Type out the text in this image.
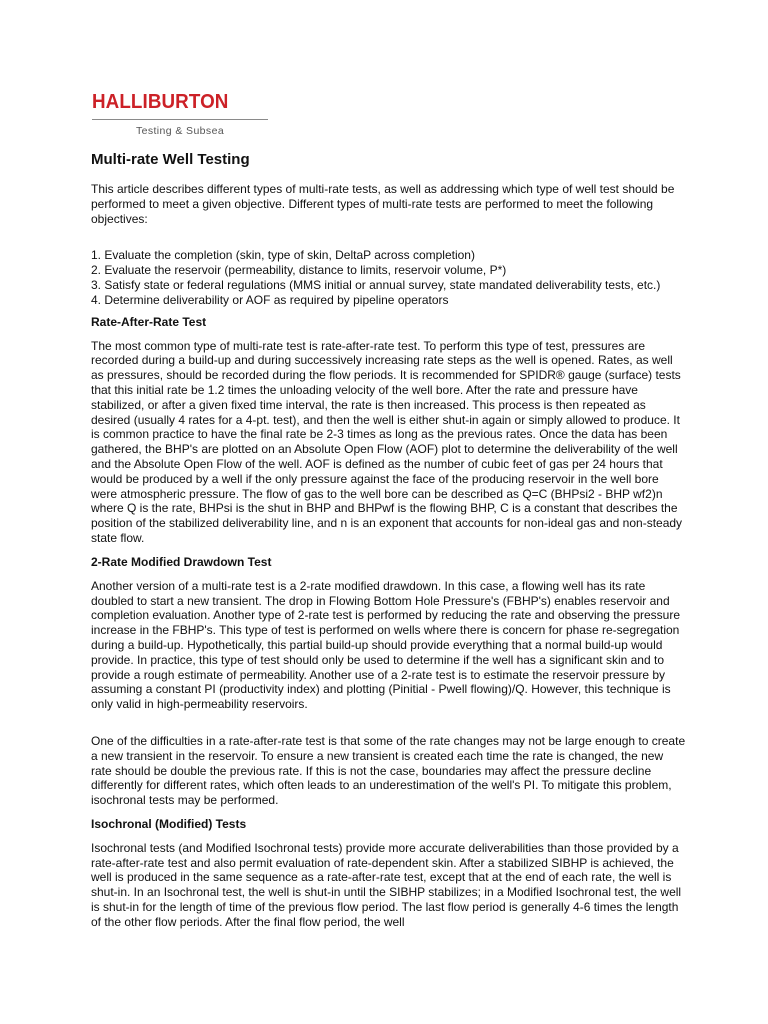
HALLIBURTON
Testing & Subsea
Multi-rate Well Testing

This article describes different types of multi-rate tests, as well as addressing which type of well test should be performed to meet a given objective. Different types of multi-rate tests are performed to meet the following objectives:

1. Evaluate the completion (skin, type of skin, DeltaP across completion)
2. Evaluate the reservoir (permeability, distance to limits, reservoir volume, P*)
3. Satisfy state or federal regulations (MMS initial or annual survey, state mandated deliverability tests, etc.)
4. Determine deliverability or AOF as required by pipeline operators
Rate-After-Rate Test

The most common type of multi-rate test is rate-after-rate test. To perform this type of test, pressures are recorded during a build-up and during successively increasing rate steps as the well is opened. Rates, as well as pressures, should be recorded during the flow periods. It is recommended for SPIDR® gauge (surface) tests that this initial rate be 1.2 times the unloading velocity of the well bore. After the rate and pressure have stabilized, or after a given fixed time interval, the rate is then increased. This process is then repeated as desired (usually 4 rates for a 4-pt. test), and then the well is either shut-in again or simply allowed to produce. It is common practice to have the final rate be 2-3 times as long as the previous rates. Once the data has been gathered, the BHP's are plotted on an Absolute Open Flow (AOF) plot to determine the deliverability of the well and the Absolute Open Flow of the well. AOF is defined as the number of cubic feet of gas per 24 hours that would be produced by a well if the only pressure against the face of the producing reservoir in the well bore were atmospheric pressure. The flow of gas to the well bore can be described as Q=C (BHPsi2 - BHP wf2)n where Q is the rate, BHPsi is the shut in BHP and BHPwf is the flowing BHP, C is a constant that describes the position of the stabilized deliverability line, and n is an exponent that accounts for non-ideal gas and non-steady state flow.

2-Rate Modified Drawdown Test

Another version of a multi-rate test is a 2-rate modified drawdown. In this case, a flowing well has its rate doubled to start a new transient. The drop in Flowing Bottom Hole Pressure's (FBHP's) enables reservoir and completion evaluation. Another type of 2-rate test is performed by reducing the rate and observing the pressure increase in the FBHP's. This type of test is performed on wells where there is concern for phase re-segregation during a build-up. Hypothetically, this partial build-up should provide everything that a normal build-up would provide. In practice, this type of test should only be used to determine if the well has a significant skin and to provide a rough estimate of permeability. Another use of a 2-rate test is to estimate the reservoir pressure by assuming a constant PI (productivity index) and plotting (Pinitial - Pwell flowing)/Q. However, this technique is only valid in high-permeability reservoirs.

One of the difficulties in a rate-after-rate test is that some of the rate changes may not be large enough to create a new transient in the reservoir. To ensure a new transient is created each time the rate is changed, the new rate should be double the previous rate. If this is not the case, boundaries may affect the pressure decline differently for different rates, which often leads to an underestimation of the well's PI. To mitigate this problem, isochronal tests may be performed.

Isochronal (Modified) Tests

Isochronal tests (and Modified Isochronal tests) provide more accurate deliverabilities than those provided by a rate-after-rate test and also permit evaluation of rate-dependent skin. After a stabilized SIBHP is achieved, the well is produced in the same sequence as a rate-after-rate test, except that at the end of each rate, the well is shut-in. In an Isochronal test, the well is shut-in until the SIBHP stabilizes; in a Modified Isochronal test, the well is shut-in for the length of time of the previous flow period. The last flow period is generally 4-6 times the length of the other flow periods. After the final flow period, the well
